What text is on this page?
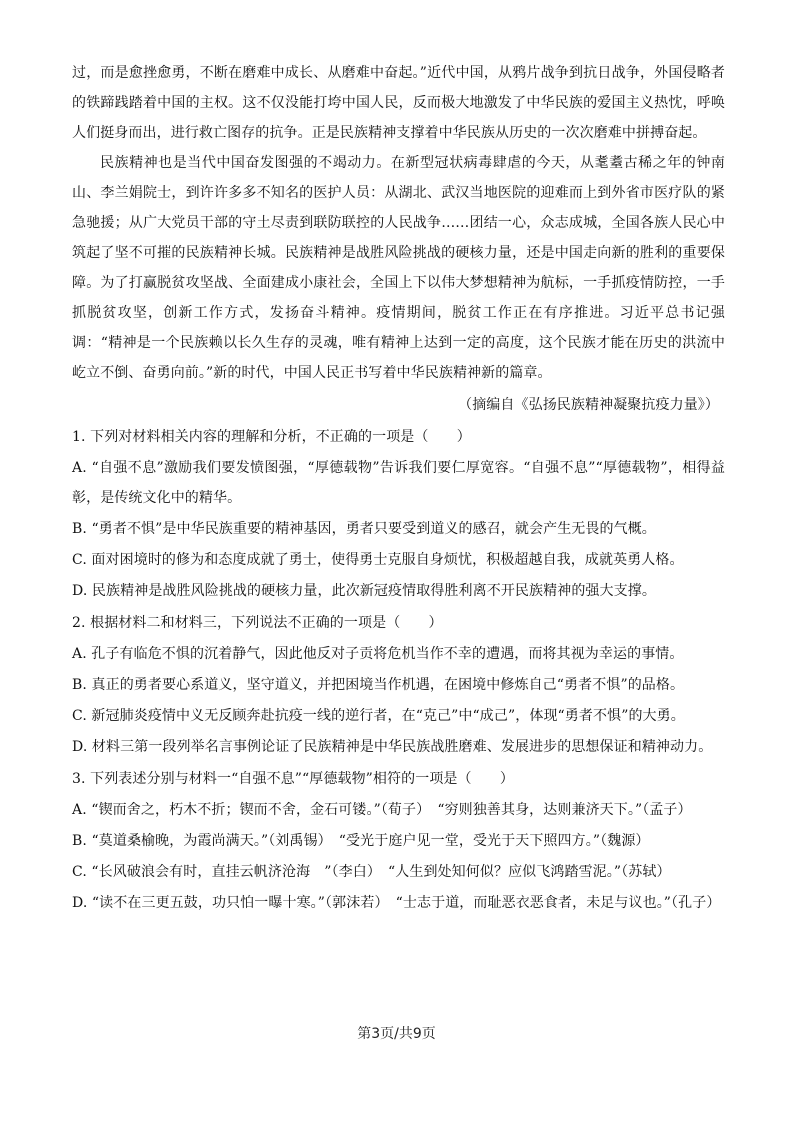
过，而是愈挫愈勇，不断在磨难中成长、从磨难中奋起。”近代中国，从鸦片战争到抗日战争，外国侵略者的铁蹄践踏着中国的主权。这不仅没能打垮中国人民，反而极大地激发了中华民族的爱国主义热忱，呼唤人们挺身而出，进行救亡图存的抗争。正是民族精神支撑着中华民族从历史的一次次磨难中拼搏奋起。

民族精神也是当代中国奋发图强的不竭动力。在新型冠状病毒肆虐的今天，从耄耋古稀之年的钟南山、李兰娟院士，到许许多多不知名的医护人员：从湖北、武汉当地医院的迎难而上到外省市医疗队的紧急驰援；从广大党员干部的守土尽责到联防联控的人民战争……团结一心，众志成城，全国各族人民心中筑起了坚不可摧的民族精神长城。民族精神是战胜风险挑战的硬核力量，还是中国走向新的胜利的重要保障。为了打赢脱贫攻坚战、全面建成小康社会，全国上下以伟大梦想精神为航标，一手抓疫情防控，一手抓脱贫攻坚，创新工作方式，发扬奋斗精神。疫情期间，脱贫工作正在有序推进。习近平总书记强调：“精神是一个民族赖以长久生存的灵魂，唯有精神上达到一定的高度，这个民族才能在历史的洪流中屹立不倒、奋勇向前。”新的时代，中国人民正书写着中华民族精神新的篇章。

（摘编自《弘扬民族精神凝聚抗疫力量》）

1. 下列对材料相关内容的理解和分析，不正确的一项是（　　）

A. “自强不息”激励我们要发愤图强，“厚德载物”告诉我们要仁厚宽容。“自强不息”“厚德载物”，相得益彰，是传统文化中的精华。

B. “勇者不惧”是中华民族重要的精神基因，勇者只要受到道义的感召，就会产生无畏的气概。

C. 面对困境时的修为和态度成就了勇士，使得勇士克服自身烦忧，积极超越自我，成就英勇人格。

D. 民族精神是战胜风险挑战的硬核力量，此次新冠疫情取得胜利离不开民族精神的强大支撑。

2. 根据材料二和材料三，下列说法不正确的一项是（　　）

A. 孔子有临危不惧的沉着静气，因此他反对子贡将危机当作不幸的遭遇，而将其视为幸运的事情。

B. 真正的勇者要心系道义，坚守道义，并把困境当作机遇，在困境中修炼自己“勇者不惧”的品格。

C. 新冠肺炎疫情中义无反顾奔赴抗疫一线的逆行者，在“克己”中“成己”，体现“勇者不惧”的大勇。

D. 材料三第一段列举名言事例论证了民族精神是中华民族战胜磨难、发展进步的思想保证和精神动力。

3. 下列表述分别与材料一“自强不息”“厚德载物”相符的一项是（　　）

A. “锲而舍之，朽木不折；锲而不舍，金石可镂。”（荀子）　“穷则独善其身，达则兼济天下。”（孟子）

B. “莫道桑榆晚，为霞尚满天。”（刘禹锡）　“受光于庭户见一堂，受光于天下照四方。”（魏源）

C. “长风破浪会有时，直挂云帆济沧海　”（李白）　“人生到处知何似？应似飞鸿踏雪泥。”（苏轼）

D. “读不在三更五鼓，功只怕一曝十寒。”（郭沫若）　“士志于道，而耻恶衣恶食者，未足与议也。”（孔子）

第3页/共9页
